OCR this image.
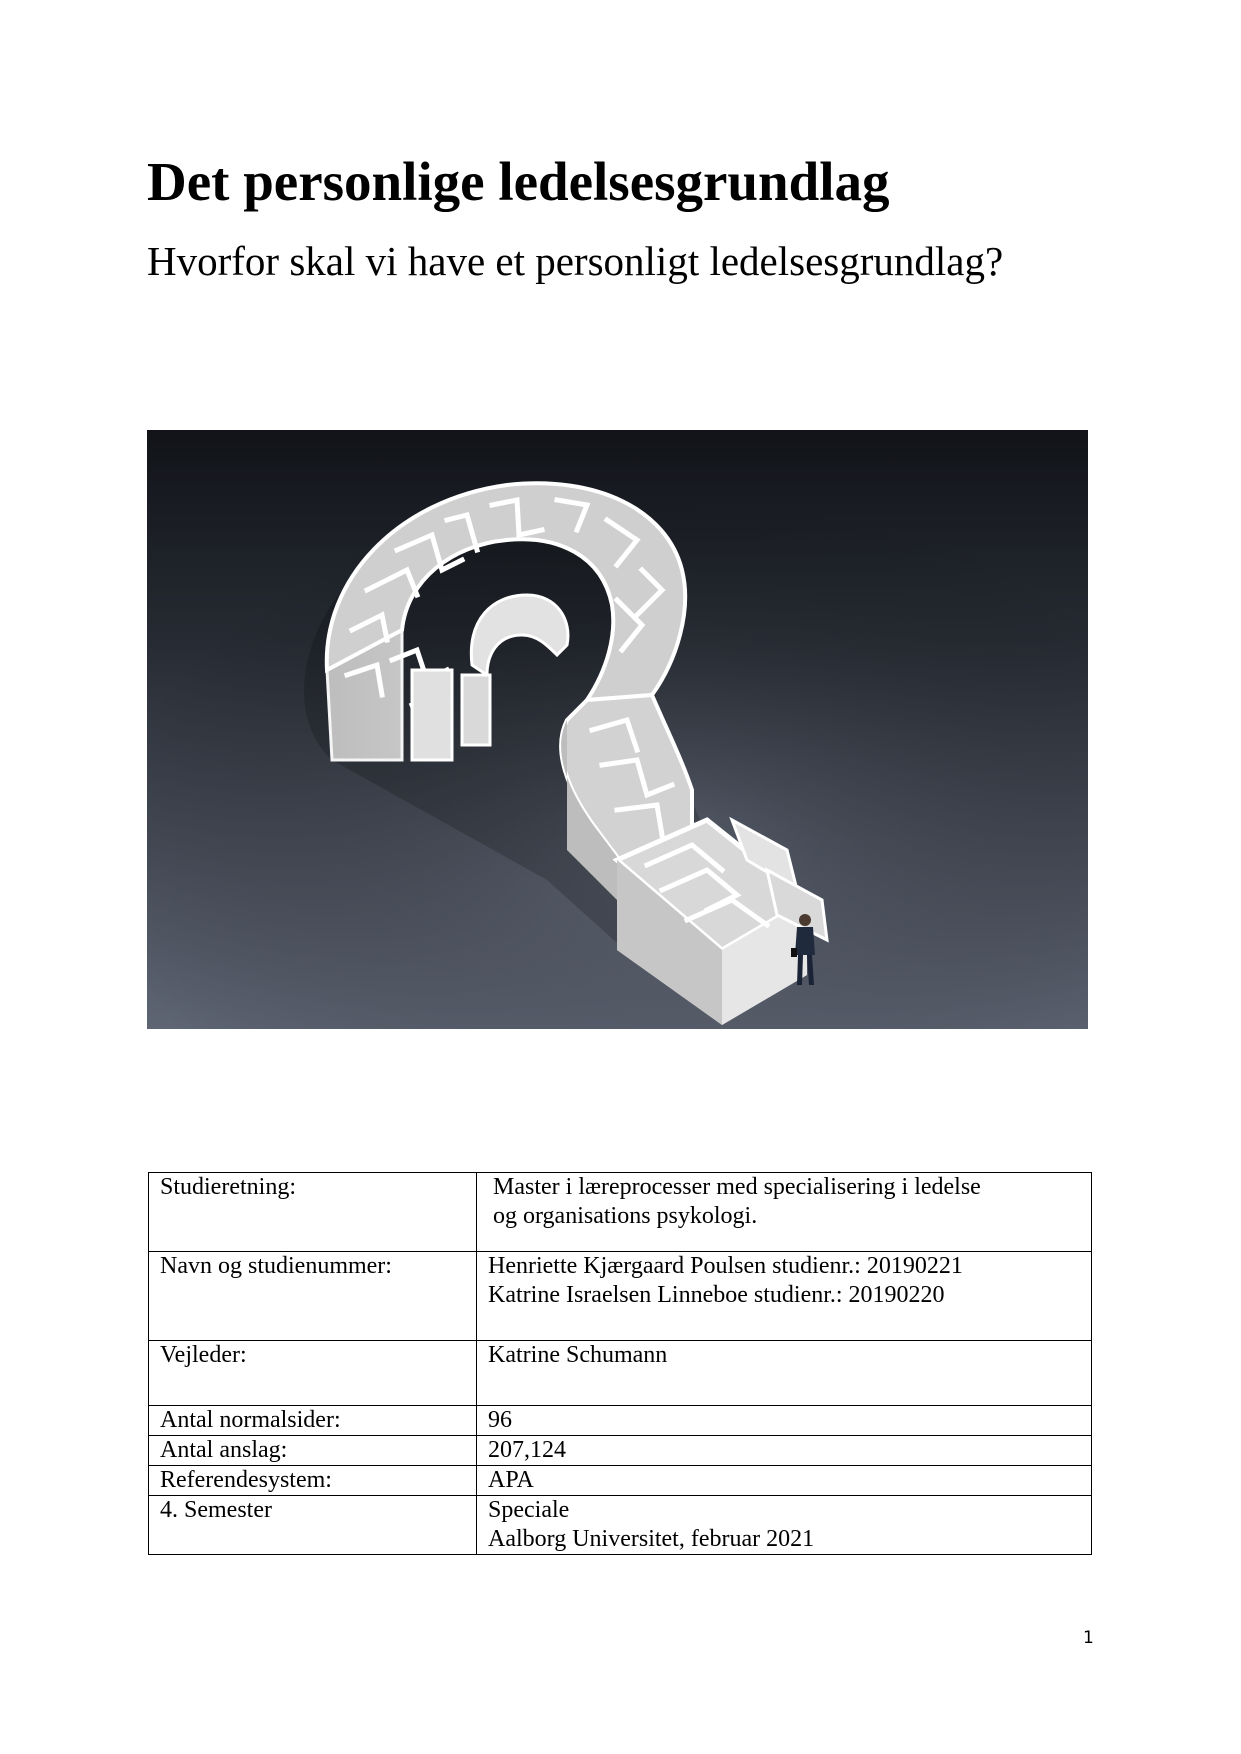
Det personlige ledelsesgrundlag
Hvorfor skal vi have et personligt ledelsesgrundlag?
Studieretning:	Master i læreprocesser med specialisering i ledelse
og organisations psykologi.

Navn og studienummer:	Henriette Kjærgaard Poulsen studienr.: 20190221
Katrine Israelsen Linneboe studienr.: 20190220

Vejleder:	Katrine Schumann
Antal normalsider:	96
Antal anslag:	207,124
Referendesystem:	APA
4. Semester	Speciale
Aalborg Universitet, februar 2021
1
